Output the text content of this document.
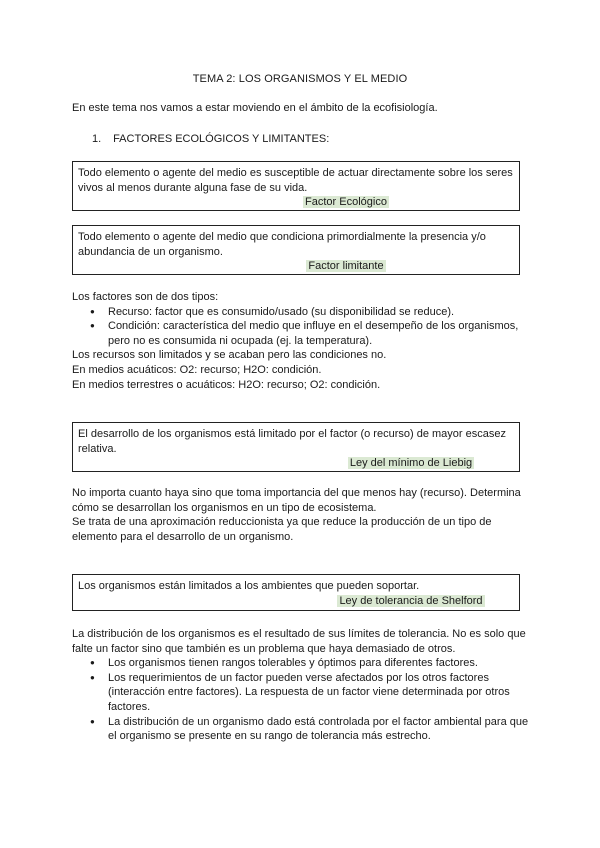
TEMA 2: LOS ORGANISMOS Y EL MEDIO

En este tema nos vamos a estar moviendo en el ámbito de la ecofisiología.

1. FACTORES ECOLÓGICOS Y LIMITANTES:
Todo elemento o agente del medio es susceptible de actuar directamente sobre los seres vivos al menos durante alguna fase de su vida.
Factor Ecológico
Todo elemento o agente del medio que condiciona primordialmente la presencia y/o abundancia de un organismo.
Factor limitante
Los factores son de dos tipos:
● Recurso: factor que es consumido/usado (su disponibilidad se reduce).
● Condición: característica del medio que influye en el desempeño de los organismos, pero no es consumida ni ocupada (ej. la temperatura).
Los recursos son limitados y se acaban pero las condiciones no.
En medios acuáticos: O2: recurso; H2O: condición.
En medios terrestres o acuáticos: H2O: recurso; O2: condición.
El desarrollo de los organismos está limitado por el factor (o recurso) de mayor escasez relativa.
Ley del mínimo de Liebig
No importa cuanto haya sino que toma importancia del que menos hay (recurso). Determina cómo se desarrollan los organismos en un tipo de ecosistema.
Se trata de una aproximación reduccionista ya que reduce la producción de un tipo de elemento para el desarrollo de un organismo.
Los organismos están limitados a los ambientes que pueden soportar.
Ley de tolerancia de Shelford
La distribución de los organismos es el resultado de sus límites de tolerancia. No es solo que falte un factor sino que también es un problema que haya demasiado de otros.
● Los organismos tienen rangos tolerables y óptimos para diferentes factores.
● Los requerimientos de un factor pueden verse afectados por los otros factores (interacción entre factores). La respuesta de un factor viene determinada por otros factores.
● La distribución de un organismo dado está controlada por el factor ambiental para que el organismo se presente en su rango de tolerancia más estrecho.
